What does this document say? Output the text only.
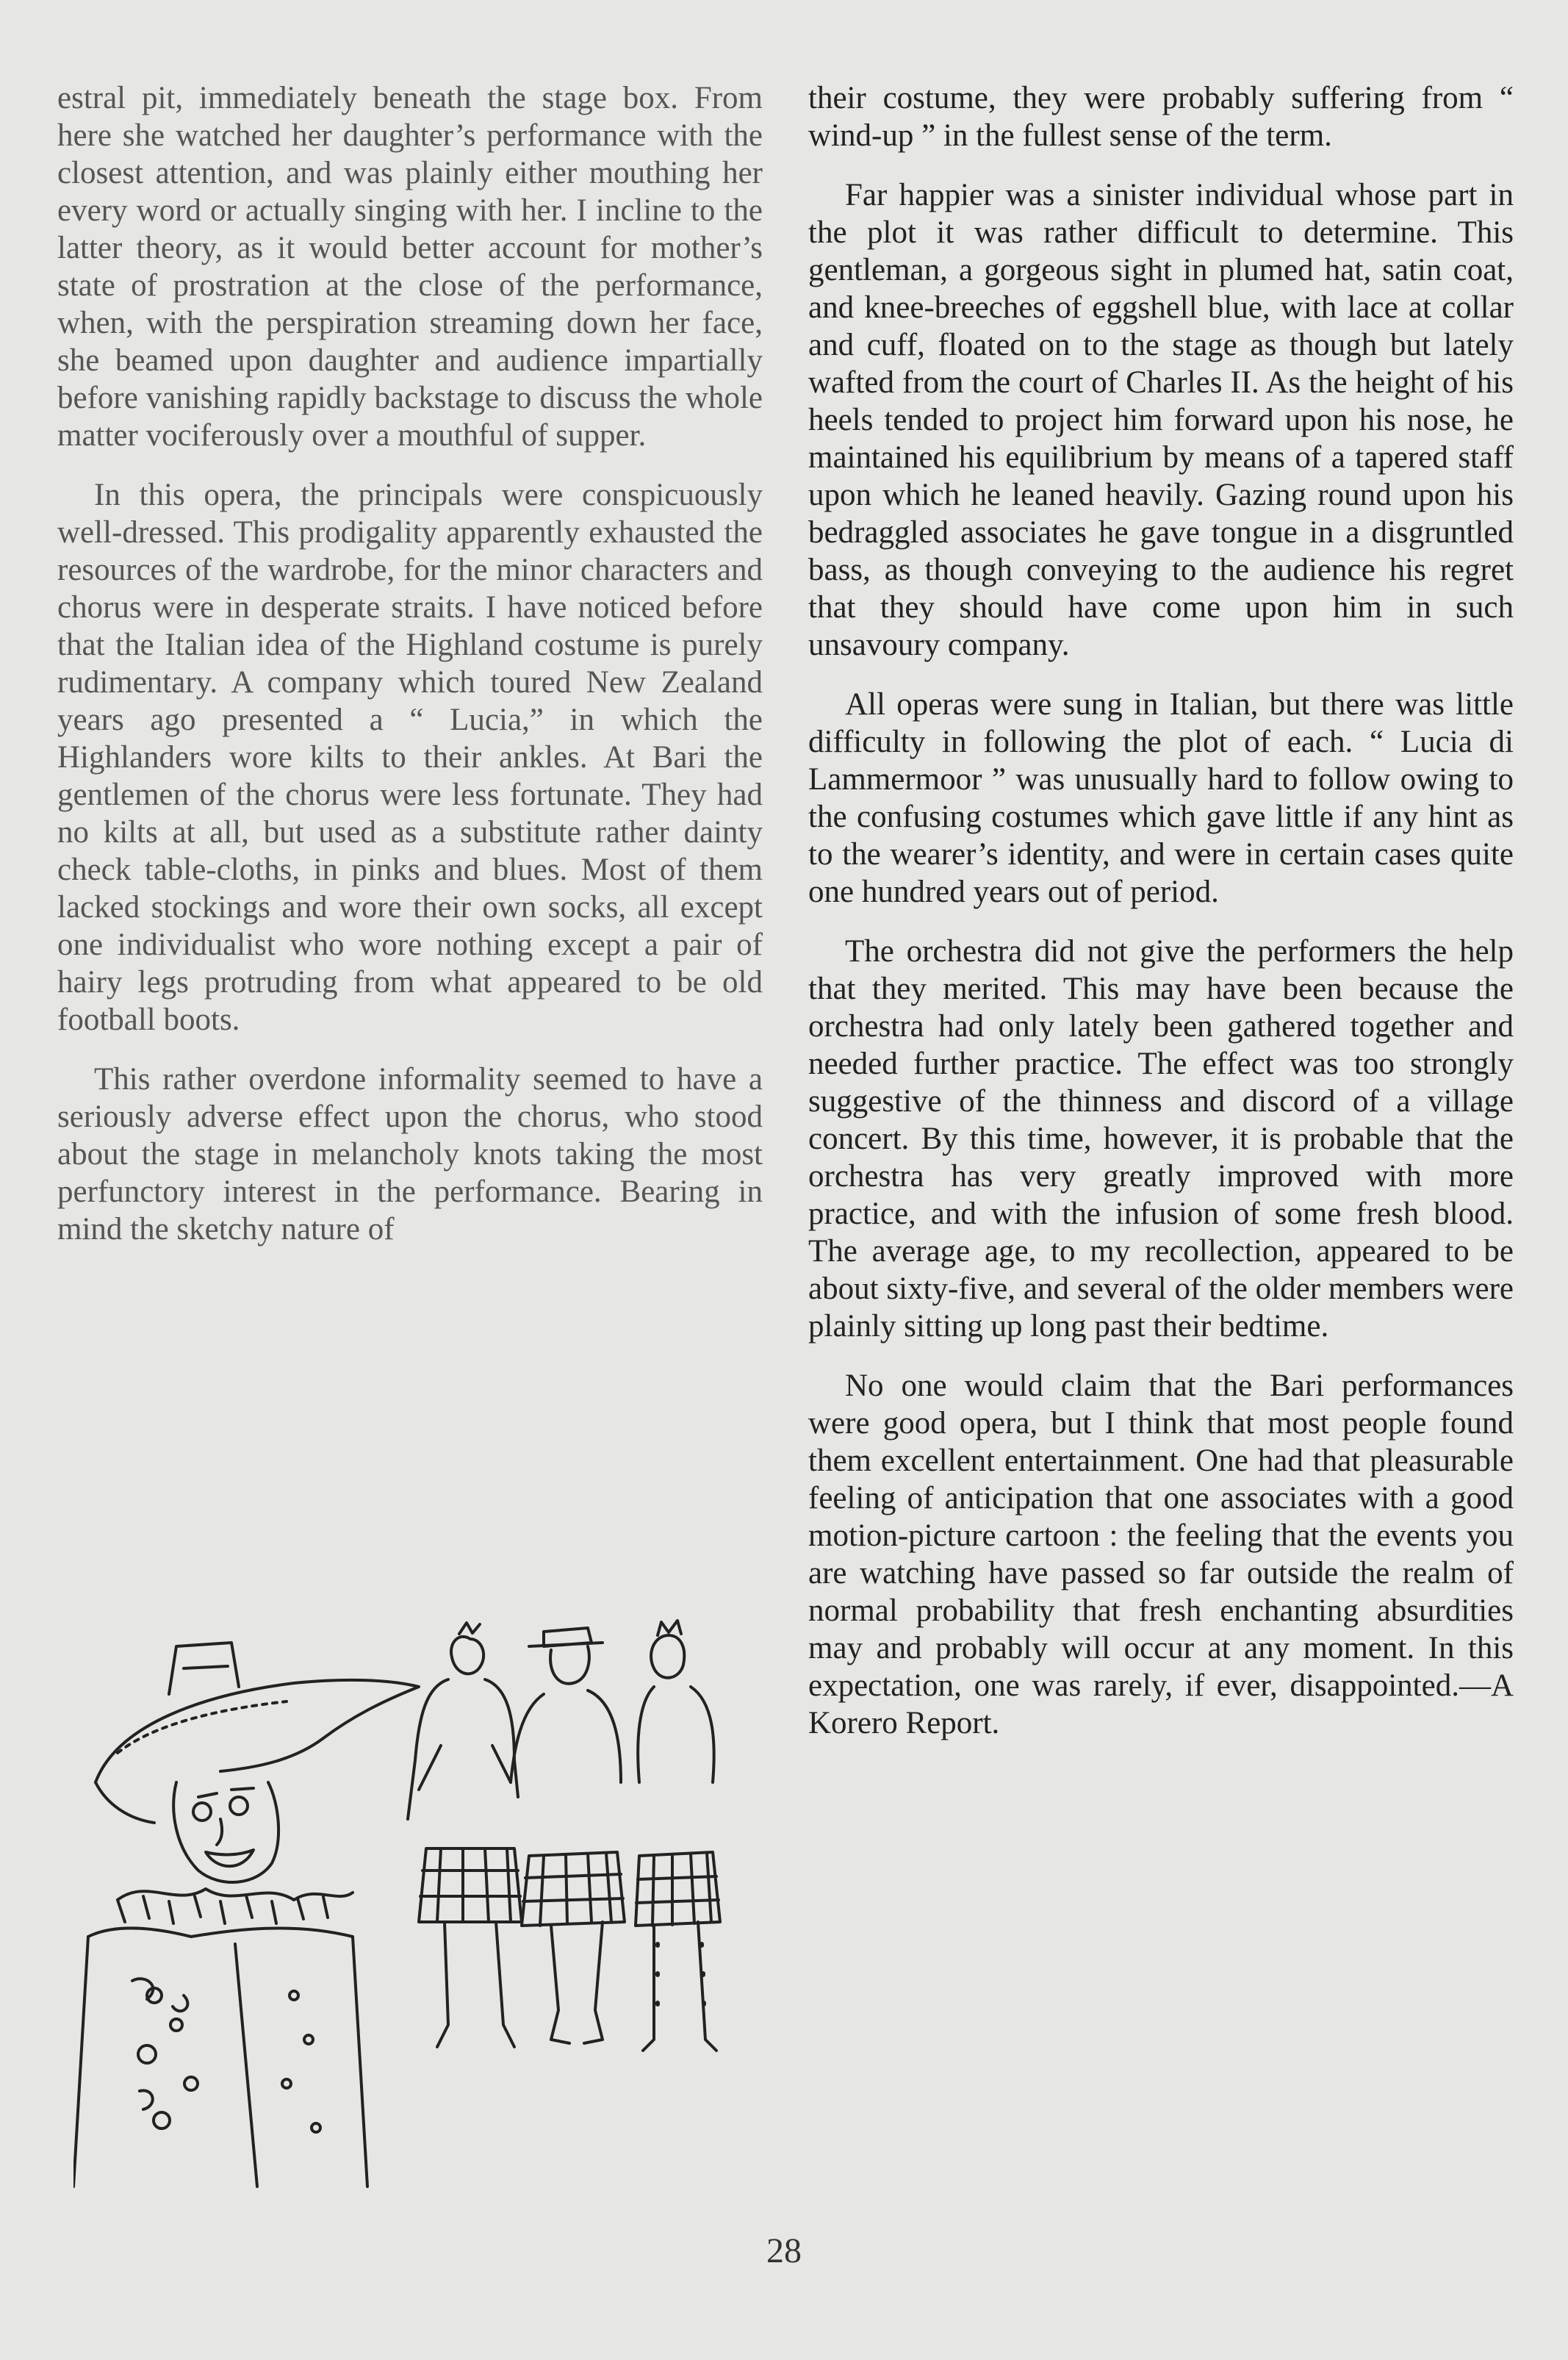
estral pit, immediately beneath the stage box. From here she watched her daughter’s performance with the closest attention, and was plainly either mouthing her every word or actually singing with her. I incline to the latter theory, as it would better account for mother’s state of prostration at the close of the performance, when, with the perspiration streaming down her face, she beamed upon daughter and audience impartially before vanishing rapidly backstage to discuss the whole matter vociferously over a mouthful of supper.

In this opera, the principals were conspicuously well-dressed. This prodigality apparently exhausted the resources of the wardrobe, for the minor characters and chorus were in desperate straits. I have noticed before that the Italian idea of the Highland costume is purely rudimentary. A company which toured New Zealand years ago presented a “ Lucia,” in which the Highlanders wore kilts to their ankles. At Bari the gentlemen of the chorus were less fortunate. They had no kilts at all, but used as a substitute rather dainty check table-cloths, in pinks and blues. Most of them lacked stockings and wore their own socks, all except one individualist who wore nothing except a pair of hairy legs protruding from what appeared to be old football boots.

This rather overdone informality seemed to have a seriously adverse effect upon the chorus, who stood about the stage in melancholy knots taking the most perfunctory interest in the performance. Bearing in mind the sketchy nature of

their costume, they were probably suffering from “ wind-up ” in the fullest sense of the term.

Far happier was a sinister individual whose part in the plot it was rather difficult to determine. This gentleman, a gorgeous sight in plumed hat, satin coat, and knee-breeches of eggshell blue, with lace at collar and cuff, floated on to the stage as though but lately wafted from the court of Charles II. As the height of his heels tended to project him forward upon his nose, he maintained his equilibrium by means of a tapered staff upon which he leaned heavily. Gazing round upon his bedraggled associates he gave tongue in a disgruntled bass, as though conveying to the audience his regret that they should have come upon him in such unsavoury company.

All operas were sung in Italian, but there was little difficulty in following the plot of each. “ Lucia di Lammermoor ” was unusually hard to follow owing to the confusing costumes which gave little if any hint as to the wearer’s identity, and were in certain cases quite one hundred years out of period.

The orchestra did not give the performers the help that they merited. This may have been because the orchestra had only lately been gathered together and needed further practice. The effect was too strongly suggestive of the thinness and discord of a village concert. By this time, however, it is probable that the orchestra has very greatly improved with more practice, and with the infusion of some fresh blood. The average age, to my recollection, appeared to be about sixty-five, and several of the older members were plainly sitting up long past their bedtime.

No one would claim that the Bari performances were good opera, but I think that most people found them excellent entertainment. One had that pleasurable feeling of anticipation that one associates with a good motion-picture cartoon : the feeling that the events you are watching have passed so far outside the realm of normal probability that fresh enchanting absurdities may and probably will occur at any moment. In this expectation, one was rarely, if ever, disappointed.—A Korero Report.

28
